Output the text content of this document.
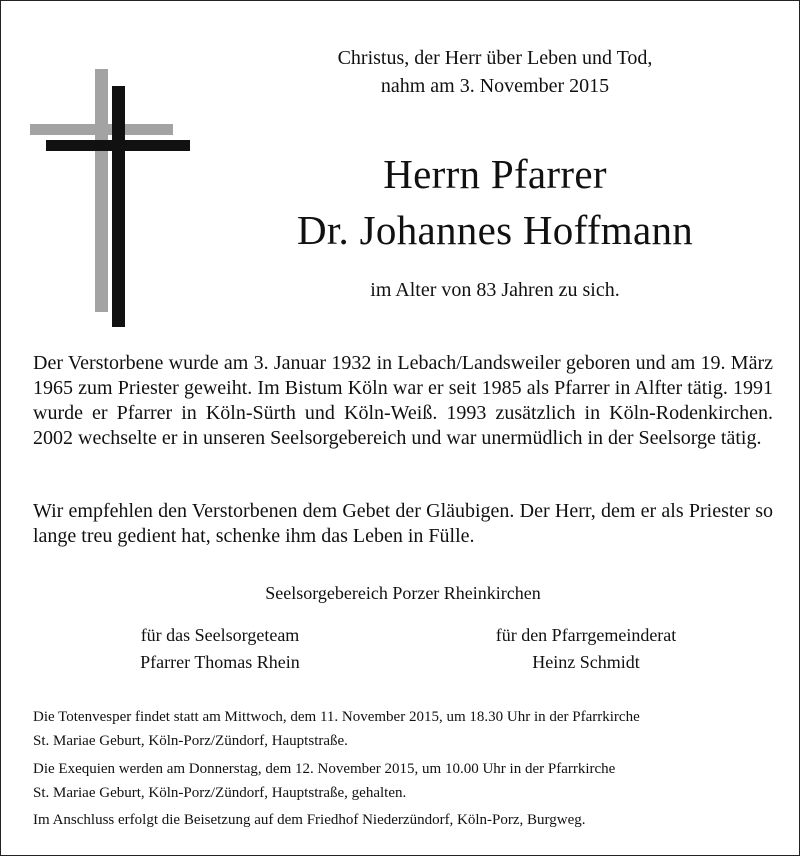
Christus, der Herr über Leben und Tod,
nahm am 3. November 2015
Herrn Pfarrer
Dr. Johannes Hoffmann
im Alter von 83 Jahren zu sich.

Der Verstorbene wurde am 3. Januar 1932 in Lebach/Landsweiler geboren und am 19. März 1965 zum Priester geweiht. Im Bistum Köln war er seit 1985 als Pfarrer in Alfter tätig. 1991 wurde er Pfarrer in Köln-Sürth und Köln-Weiß. 1993 zusätzlich in Köln-Rodenkirchen. 2002 wechselte er in unseren Seelsorgebereich und war unermüdlich in der Seelsorge tätig.

Wir empfehlen den Verstorbenen dem Gebet der Gläubigen. Der Herr, dem er als Priester so lange treu gedient hat, schenke ihm das Leben in Fülle.

Seelsorgebereich Porzer Rheinkirchen
für das Seelsorgeteam
Pfarrer Thomas Rhein
für den Pfarrgemeinderat
Heinz Schmidt

Die Totenvesper findet statt am Mittwoch, dem 11. November 2015, um 18.30 Uhr in der Pfarrkirche
St. Mariae Geburt, Köln-Porz/Zündorf, Hauptstraße.

Die Exequien werden am Donnerstag, dem 12. November 2015, um 10.00 Uhr in der Pfarrkirche
St. Mariae Geburt, Köln-Porz/Zündorf, Hauptstraße, gehalten.

Im Anschluss erfolgt die Beisetzung auf dem Friedhof Niederzündorf, Köln-Porz, Burgweg.
